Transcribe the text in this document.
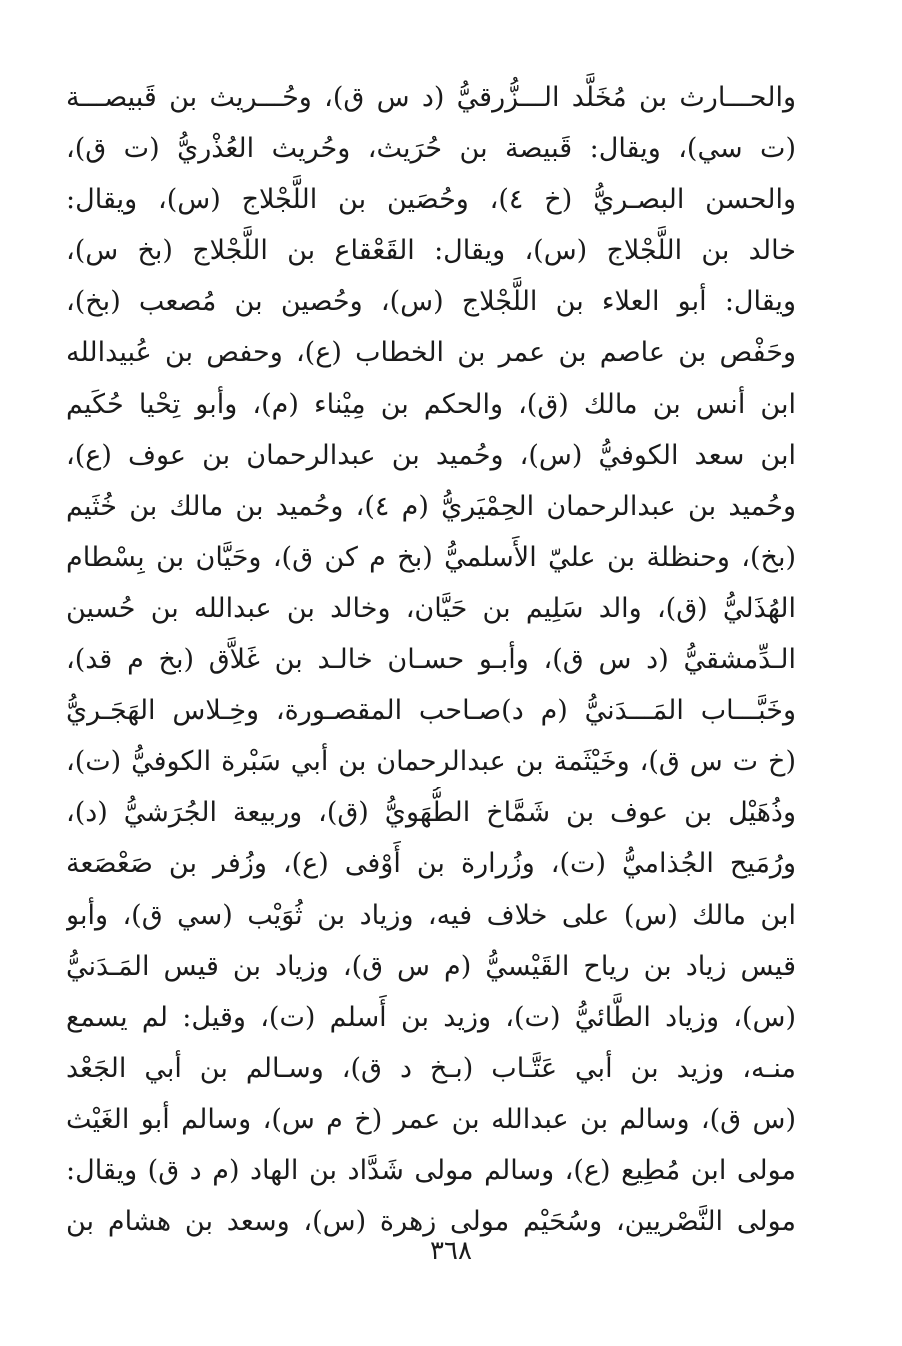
والحـــارث بن مُخَلَّد الـــزُّرقيُّ (د س ق)، وحُـــريث بن قَبيصـــة
(ت سي)، ويقال: قَبيصة بن حُرَيث، وحُريث العُذْريُّ (ت ق)،
والحسن البصـريُّ (خ ٤)، وحُصَين بن اللَّجْلاج (س)، ويقال:
خالد بن اللَّجْلاج (س)، ويقال: القَعْقاع بن اللَّجْلاج (بخ س)،
ويقال: أبو العلاء بن اللَّجْلاج (س)، وحُصين بن مُصعب (بخ)،
وحَفْص بن عاصم بن عمر بن الخطاب (ع)، وحفص بن عُبيدالله
ابن أنس بن مالك (ق)، والحكم بن مِيْناء (م)، وأبو تِحْيا حُكَيم
ابن سعد الكوفيُّ (س)، وحُميد بن عبدالرحمان بن عوف (ع)،
وحُميد بن عبدالرحمان الحِمْيَريُّ (م ٤)، وحُميد بن مالك بن خُثَيم
(بخ)، وحنظلة بن عليّ الأَسلميُّ (بخ م كن ق)، وحَيَّان بن بِسْطام
الهُذَليُّ (ق)، والد سَلِيم بن حَيَّان، وخالد بن عبدالله بن حُسين
الـدِّمشقيُّ (د س ق)، وأبـو حسـان خالـد بن غَلاَّق (بخ م قد)،
وخَبَّـــاب المَـــدَنيُّ (م د)صـاحب المقصـورة، وخِـلاس الهَجَـريُّ
(خ ت س ق)، وخَيْثَمة بن عبدالرحمان بن أبي سَبْرة الكوفيُّ (ت)،
وذُهَيْل بن عوف بن شَمَّاخ الطُّهَويُّ (ق)، وربيعة الجُرَشيُّ (د)،
ورُمَيح الجُذاميُّ (ت)، وزُرارة بن أَوْفى (ع)، وزُفر بن صَعْصَعة
ابن مالك (س) على خلاف فيه، وزياد بن ثُوَيْب (سي ق)، وأبو
قيس زياد بن رياح القَيْسيُّ (م س ق)، وزياد بن قيس المَـدَنيُّ
(س)، وزياد الطَّائيُّ (ت)، وزيد بن أَسلم (ت)، وقيل: لم يسمع
منـه، وزيد بن أبي عَتَّـاب (بـخ د ق)، وسـالم بن أبي الجَعْد
(س ق)، وسالم بن عبدالله بن عمر (خ م س)، وسالم أبو الغَيْث
مولى ابن مُطِيع (ع)، وسالم مولى شَدَّاد بن الهاد (م د ق) ويقال:
مولى النَّصْريين، وسُحَيْم مولى زهرة (س)، وسعد بن هشام بن
٣٦٨
